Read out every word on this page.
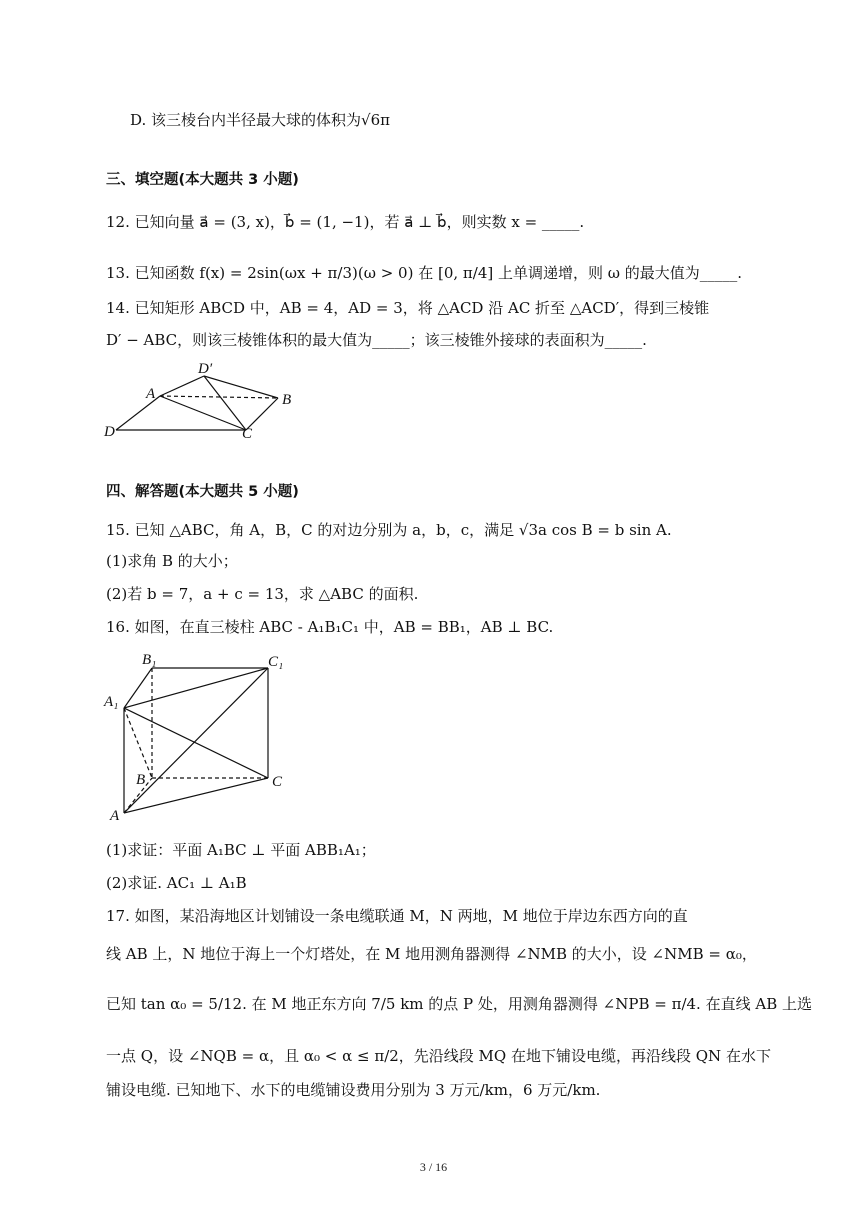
D. 该三棱台内半径最大球的体积为√6π
三、填空题(本大题共 3 小题)
12. 已知向量 a⃗ = (3, x)，b⃗ = (1, −1)，若 a⃗ ⊥ b⃗，则实数 x = _____.
13. 已知函数 f(x) = 2sin(ωx + π/3)(ω > 0) 在 [0, π/4] 上单调递增，则 ω 的最大值为_____.
14. 已知矩形 ABCD 中，AB = 4，AD = 3，将 △ACD 沿 AC 折至 △ACD′，得到三棱锥
D′ − ABC，则该三棱锥体积的最大值为_____；该三棱锥外接球的表面积为_____.
D′
A	B
C
D
四、解答题(本大题共 5 小题)
15. 已知 △ABC，角 A，B，C 的对边分别为 a，b，c，满足 √3a cos B = b sin A.
(1)求角 B 的大小；
(2)若 b = 7，a + c = 13，求 △ABC 的面积.
16. 如图，在直三棱柱 ABC - A₁B₁C₁ 中，AB = BB₁，AB ⊥ BC.
B₁	C₁
A₁
B	C
A
(1)求证：平面 A₁BC ⊥ 平面 ABB₁A₁；
(2)求证. AC₁ ⊥ A₁B
17. 如图，某沿海地区计划铺设一条电缆联通 M，N 两地，M 地位于岸边东西方向的直
线 AB 上，N 地位于海上一个灯塔处，在 M 地用测角器测得 ∠NMB 的大小，设 ∠NMB = α₀，
已知 tan α₀ = 5/12. 在 M 地正东方向 7/5 km 的点 P 处，用测角器测得 ∠NPB = π/4. 在直线 AB 上选
一点 Q，设 ∠NQB = α，且 α₀ < α ≤ π/2，先沿线段 MQ 在地下铺设电缆，再沿线段 QN 在水下
铺设电缆. 已知地下、水下的电缆铺设费用分别为 3 万元/km，6 万元/km.
3 / 16
